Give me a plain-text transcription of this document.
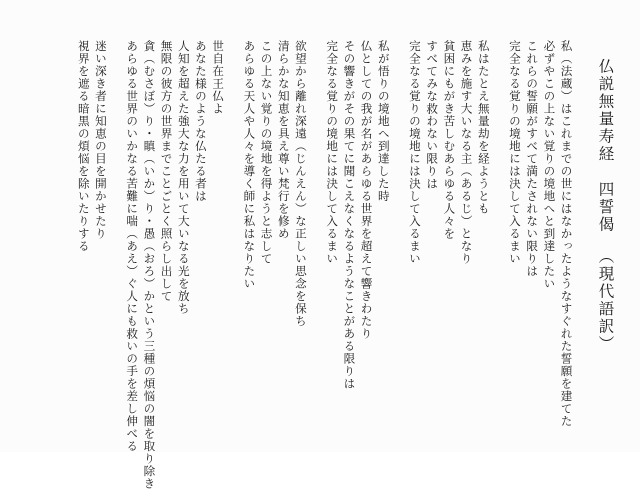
仏説無量寿経四誓偈（現代語訳）
私（法蔵）はこれまでの世にはなかったようなすぐれた誓願を建てた
必ずやこの上ない覚りの境地へと到達したい
これらの誓願がすべて満たされない限りは
完全なる覚りの境地には決して入るまい
私はたとえ無量劫を経ようとも
恵みを施す大いなる主（あるじ）となり
貧困にもがき苦しむあらゆる人々を
すべてみな救わない限りは
完全なる覚りの境地には決して入るまい
私が悟りの境地へ到達した時
仏としての我が名があらゆる世界を超えて響きわたり
その響きがその果てに聞こえなくなるようなことがある限りは
完全なる覚りの境地には決して入るまい
欲望から離れ深遠（じんえん）な正しい思念を保ち
清らかな知恵を具え尊い梵行を修め
この上ない覚りの境地を得ようと志して
あらゆる天人や人々を導く師に私はなりたい
世自在王仏よ
あなた様のような仏たる者は
人知を超えた強大な力を用いて大いなる光を放ち
無限の彼方の世界までことごとく照らし出して
貪（むさぼ）り・瞋（いか）り・愚（おろ）かという三種の煩悩の闇を取り除き
あらゆる世界のいかなる苦難に喘（あえ）ぐ人にも救いの手を差し伸べる
迷い深き者に知恵の目を開かせたり
視界を遮る暗黒の煩悩を除いたりする
